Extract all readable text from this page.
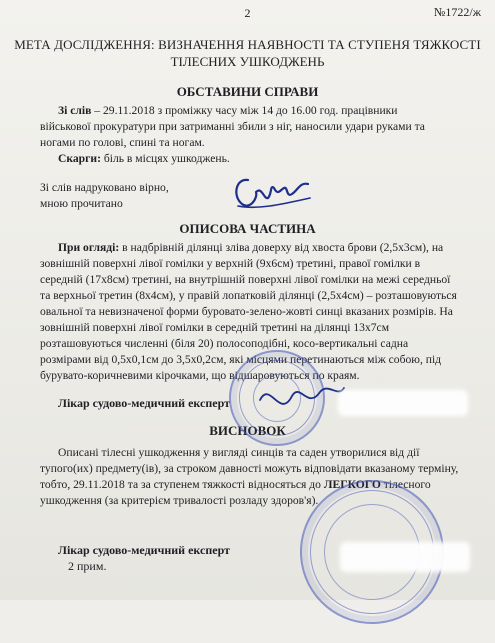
2	№1722/ж
МЕТА ДОСЛІДЖЕННЯ: ВИЗНАЧЕННЯ НАЯВНОСТІ ТА СТУПЕНЯ ТЯЖКОСТІ
ТІЛЕСНИХ УШКОДЖЕНЬ
ОБСТАВИНИ СПРАВИ
Зі слів – 29.11.2018 з промiжку часу мiж 14 до 16.00 год. працiвники
вiйськової прокуратури при затриманнi збили з нiг, наносили удари руками та
ногами по головi, спинi та ногам.
Скарги: бiль в мiсцях ушкоджень.
Зі слів надруковано вірно,
мною прочитано
ОПИСОВА ЧАСТИНА
При огляді: в надбрівній ділянці зліва доверху від хвоста брови (2,5х3см), на
зовнішній поверхні лівої гомілки у верхній (9х6см) третині, правої гомілки в
середній (17х8см) третині, на внутрішній поверхні лівої гомілки на межі середньої
та верхньої третин (8х4см), у правій лопатковій ділянці (2,5х4см) – розташовуються
овальної та невизначеної форми буровато-зелено-жовті синці вказаних розмірів. На
зовнішній поверхні лівої гомілки в середній третині на ділянці 13х7см
розташовуються численні (біля 20) полосоподібні, косо-вертикальні садна
розмірами від 0,5х0,1см до 3,5х0,2см, які місцями перетинаються між собою, під
бурувато-коричневими кірочками, що відшаровуються по краям.
Лікар судово-медичний експерт
ВИСНОВОК
Описані тілесні ушкодження у вигляді синців та саден утворилися від дії
тупого(их) предмету(ів), за строком давності можуть відповідати вказаному терміну,
тобто, 29.11.2018 та за ступенем тяжкості відносяться до ЛЕГКОГО тілесного
ушкодження (за критерієм тривалості розладу здоров'я).
Лікар судово-медичний експерт
2 прим.
